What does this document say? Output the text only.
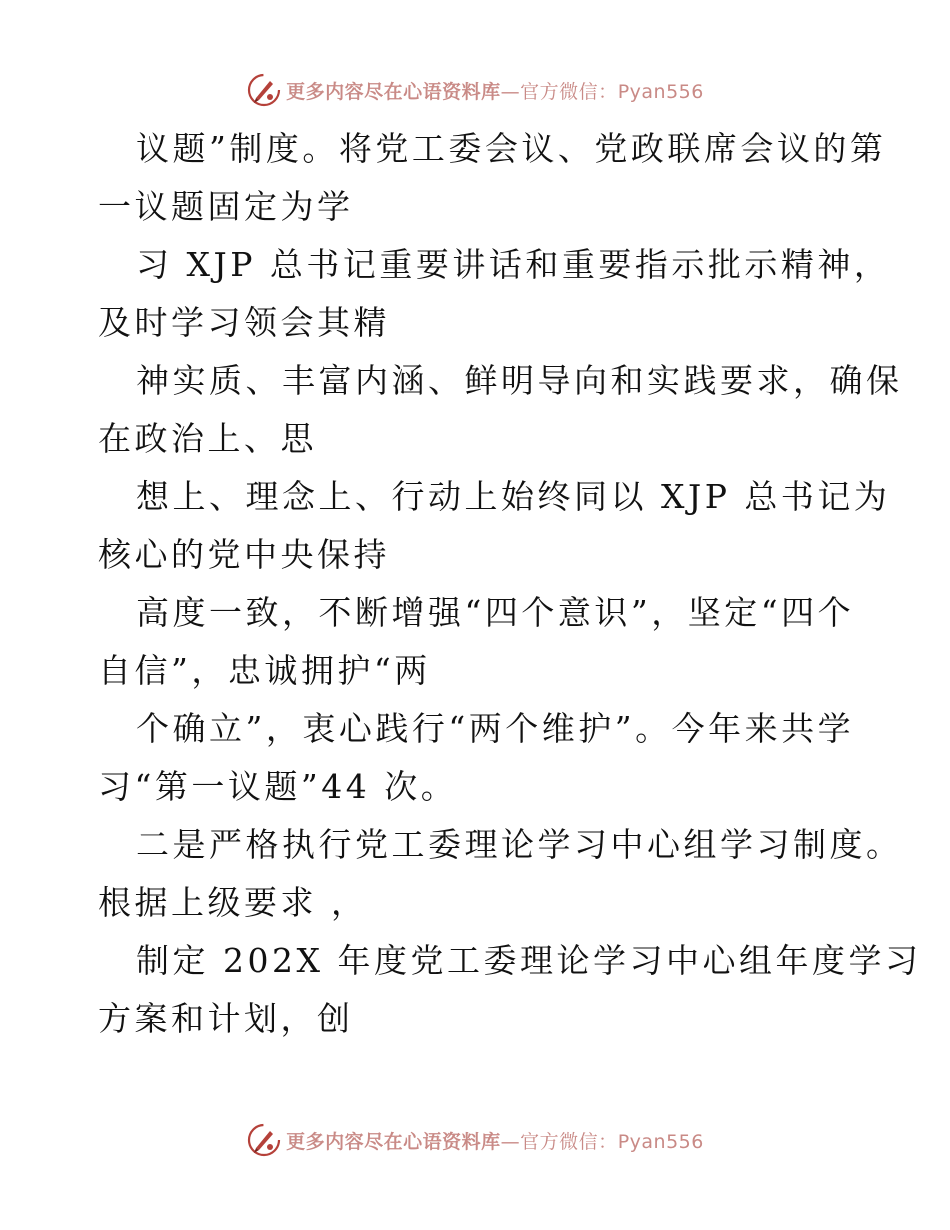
更多内容尽在心语资料库—官方微信：Pyan556
议题”制度。将党工委会议、党政联席会议的第
一议题固定为学
习 XJP 总书记重要讲话和重要指示批示精神，
及时学习领会其精
神实质、丰富内涵、鲜明导向和实践要求，确保
在政治上、思
想上、理念上、行动上始终同以 XJP 总书记为
核心的党中央保持
高度一致，不断增强“四个意识”，坚定“四个
自信”，忠诚拥护“两
个确立”，衷心践行“两个维护”。今年来共学
习“第一议题”44 次。
二是严格执行党工委理论学习中心组学习制度。
根据上级要求 ，
制定 202X 年度党工委理论学习中心组年度学习
方案和计划，创
更多内容尽在心语资料库—官方微信：Pyan556
